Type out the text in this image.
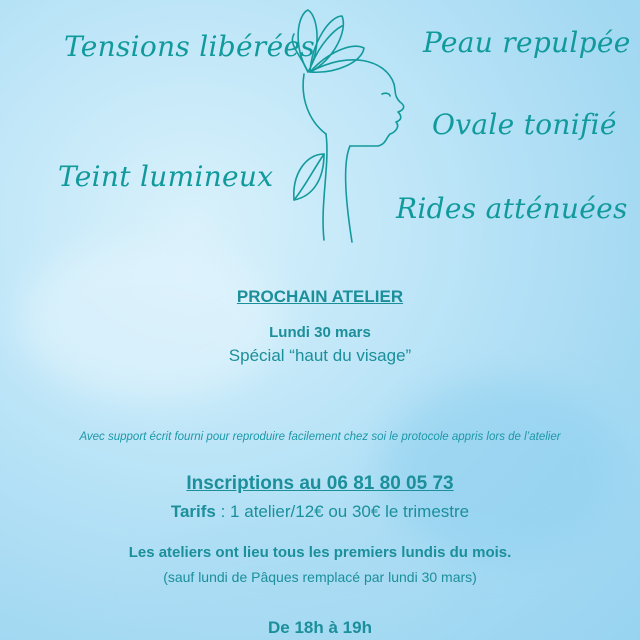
Tensions libérées	Peau repulpée
Ovale tonifié
Teint lumineux
Rides atténuées
PROCHAIN ATELIER
Lundi 30 mars
Spécial “haut du visage”
Avec support écrit fourni pour reproduire facilement chez soi le protocole appris lors de l’atelier
Inscriptions au 06 81 80 05 73
Tarifs : 1 atelier/12€ ou 30€ le trimestre
Les ateliers ont lieu tous les premiers lundis du mois.
(sauf lundi de Pâques remplacé par lundi 30 mars)
De 18h à 19h
